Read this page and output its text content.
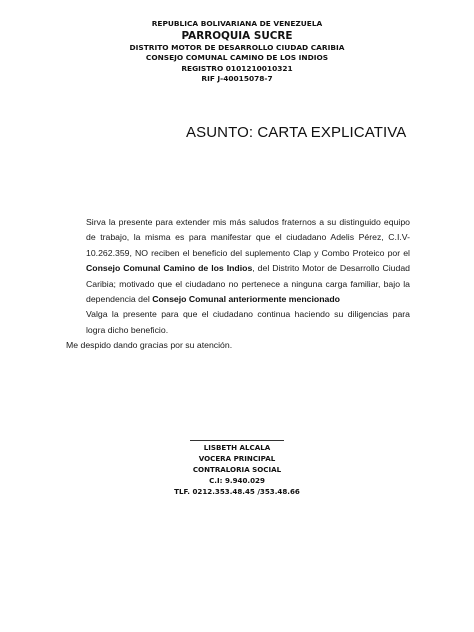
REPUBLICA BOLIVARIANA DE VENEZUELA
PARROQUIA SUCRE
DISTRITO MOTOR DE DESARROLLO CIUDAD CARIBIA
CONSEJO COMUNAL CAMINO DE LOS INDIOS
REGISTRO 0101210010321
RIF J-40015078-7
ASUNTO: CARTA EXPLICATIVA

Sirva la presente para extender mis más saludos fraternos a su distinguido equipo de trabajo, la misma es para manifestar que el ciudadano Adelis Pérez, C.I.V- 10.262.359, NO reciben el beneficio del suplemento Clap y Combo Proteico por el Consejo Comunal Camino de los Indios, del Distrito Motor de Desarrollo Ciudad Caribia; motivado que el ciudadano no pertenece a ninguna carga familiar, bajo la dependencia del Consejo Comunal anteriormente mencionado

Valga la presente para que el ciudadano continua haciendo su diligencias para logra dicho beneficio.

Me despido dando gracias por su atención.

LISBETH ALCALA
VOCERA PRINCIPAL
CONTRALORIA SOCIAL
C.I: 9.940.029
TLF. 0212.353.48.45 /353.48.66
